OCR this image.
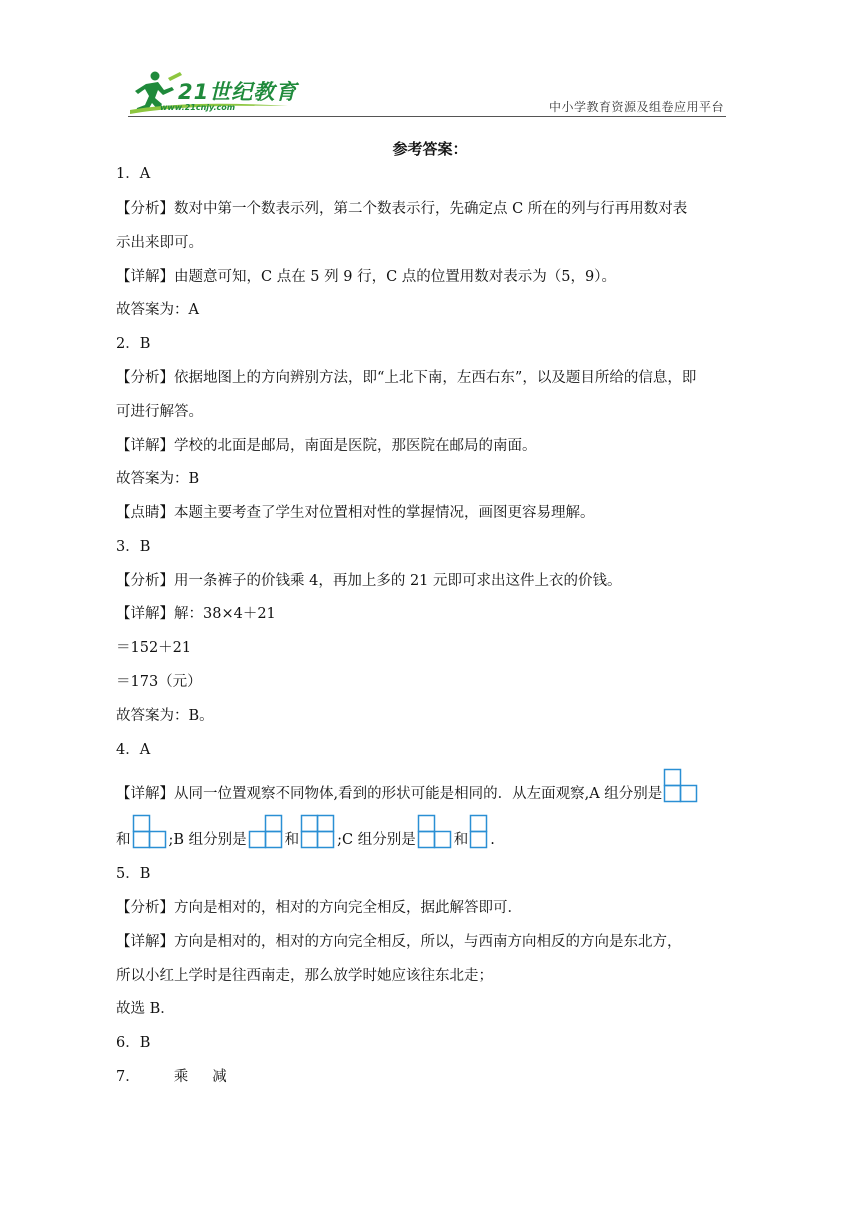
21世纪教育
www.21cnjy.com	中小学教育资源及组卷应用平台
参考答案：
1．A
【分析】数对中第一个数表示列，第二个数表示行，先确定点 C 所在的列与行再用数对表
示出来即可。
【详解】由题意可知，C 点在 5 列 9 行，C 点的位置用数对表示为（5，9）。
故答案为：A
2．B
【分析】依据地图上的方向辨别方法，即“上北下南，左西右东”，以及题目所给的信息，即
可进行解答。
【详解】学校的北面是邮局，南面是医院，那医院在邮局的南面。
故答案为：B
【点睛】本题主要考查了学生对位置相对性的掌握情况，画图更容易理解。
3．B
【分析】用一条裤子的价钱乘 4，再加上多的 21 元即可求出这件上衣的价钱。
【详解】解：38×4＋21
＝152＋21
＝173（元）
故答案为：B。
4．A
【详解】从同一位置观察不同物体,看到的形状可能是相同的．从左面观察,A 组分别是
和	;B 组分别是	和	;C 组分别是	和 .
5．B
【分析】方向是相对的，相对的方向完全相反，据此解答即可．
【详解】方向是相对的，相对的方向完全相反，所以，与西南方向相反的方向是东北方，
所以小红上学时是往西南走，那么放学时她应该往东北走；
故选 B．
6．B
7． 乘 减
